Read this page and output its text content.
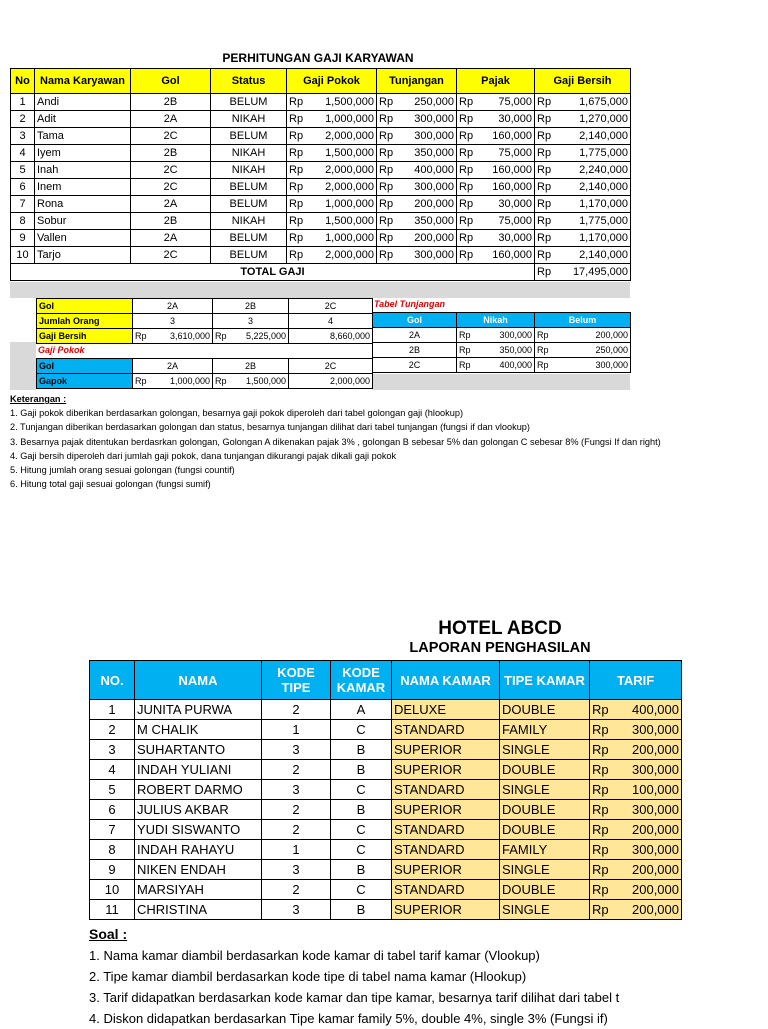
PERHITUNGAN GAJI KARYAWAN
No	Nama Karyawan	Gol	Status	Gaji Pokok	Tunjangan	Pajak	Gaji Bersih
1	Andi	2B	BELUM	Rp 1,500,000	Rp 250,000	Rp 75,000	Rp 1,675,000

2	Adit	2A	NIKAH	Rp 1,000,000	Rp 300,000	Rp 30,000	Rp 1,270,000

3	Tama	2C	BELUM	Rp 2,000,000	Rp 300,000	Rp 160,000	Rp 2,140,000

4	Iyem	2B	NIKAH	Rp 1,500,000	Rp 350,000	Rp 75,000	Rp 1,775,000

5	Inah	2C	NIKAH	Rp 2,000,000	Rp 400,000	Rp 160,000	Rp 2,240,000

6	Inem	2C	BELUM	Rp 2,000,000	Rp 300,000	Rp 160,000	Rp 2,140,000

7	Rona	2A	BELUM	Rp 1,000,000	Rp 200,000	Rp 30,000	Rp 1,170,000

8	Sobur	2B	NIKAH	Rp 1,500,000	Rp 350,000	Rp 75,000	Rp 1,775,000

9	Vallen	2A	BELUM	Rp 1,000,000	Rp 200,000	Rp 30,000	Rp 1,170,000

10	Tarjo	2C	BELUM	Rp 2,000,000	Rp 300,000	Rp 160,000	Rp 2,140,000

TOTAL GAJI							Rp 17,495,000
Gol	2A	2B	2C
Jumlah Orang	3	3	4
Gaji Bersih	Rp 3,610,000	Rp 5,225,000	8,660,000
Tabel Tunjangan
Gol	Nikah	Belum
2A	Rp 300,000	Rp 200,000

2B	Rp 350,000	Rp 250,000

2C	Rp 400,000	Rp 300,000
Gaji Pokok
Gol	2A	2B	2C
Gapok	Rp 1,000,000	Rp 1,500,000	2,000,000
Keterangan :
1. Gaji pokok diberikan berdasarkan golongan, besarnya gaji pokok diperoleh dari tabel golongan gaji (hlookup)
2. Tunjangan diberikan berdasarkan golongan dan status, besarnya tunjangan dilihat dari tabel tunjangan (fungsi if dan vlookup)
3. Besarnya pajak ditentukan berdasrkan golongan, Golongan A dikenakan pajak 3% , golongan B sebesar 5% dan golongan C sebesar 8% (Fungsi If dan right)
4. Gaji bersih diperoleh dari jumlah gaji pokok, dana tunjangan dikurangi pajak dikali gaji pokok
5. Hitung jumlah orang sesuai golongan (fungsi countif)
6. Hitung total gaji sesuai golongan (fungsi sumif)
HOTEL ABCD
LAPORAN PENGHASILAN
NO.	NAMA	KODE TIPE	KODE KAMAR	NAMA KAMAR	TIPE KAMAR	TARIF
1	JUNITA PURWA	2	A	DELUXE	DOUBLE	Rp 400,000

2	M CHALIK	1	C	STANDARD	FAMILY	Rp 300,000

3	SUHARTANTO	3	B	SUPERIOR	SINGLE	Rp 200,000

4	INDAH YULIANI	2	B	SUPERIOR	DOUBLE	Rp 300,000

5	ROBERT DARMO	3	C	STANDARD	SINGLE	Rp 100,000

6	JULIUS AKBAR	2	B	SUPERIOR	DOUBLE	Rp 300,000

7	YUDI SISWANTO	2	C	STANDARD	DOUBLE	Rp 200,000

8	INDAH RAHAYU	1	C	STANDARD	FAMILY	Rp 300,000

9	NIKEN ENDAH	3	B	SUPERIOR	SINGLE	Rp 200,000

10	MARSIYAH	2	C	STANDARD	DOUBLE	Rp 200,000

11	CHRISTINA	3	B	SUPERIOR	SINGLE	Rp 200,000
Soal :
1. Nama kamar diambil berdasarkan kode kamar di tabel tarif kamar (Vlookup)
2. Tipe kamar diambil berdasarkan kode tipe di tabel nama kamar (Hlookup)
3. Tarif didapatkan berdasarkan kode kamar dan tipe kamar, besarnya tarif dilihat dari tabel t
4. Diskon didapatkan berdasarkan Tipe kamar family 5%, double 4%, single 3% (Fungsi if)
